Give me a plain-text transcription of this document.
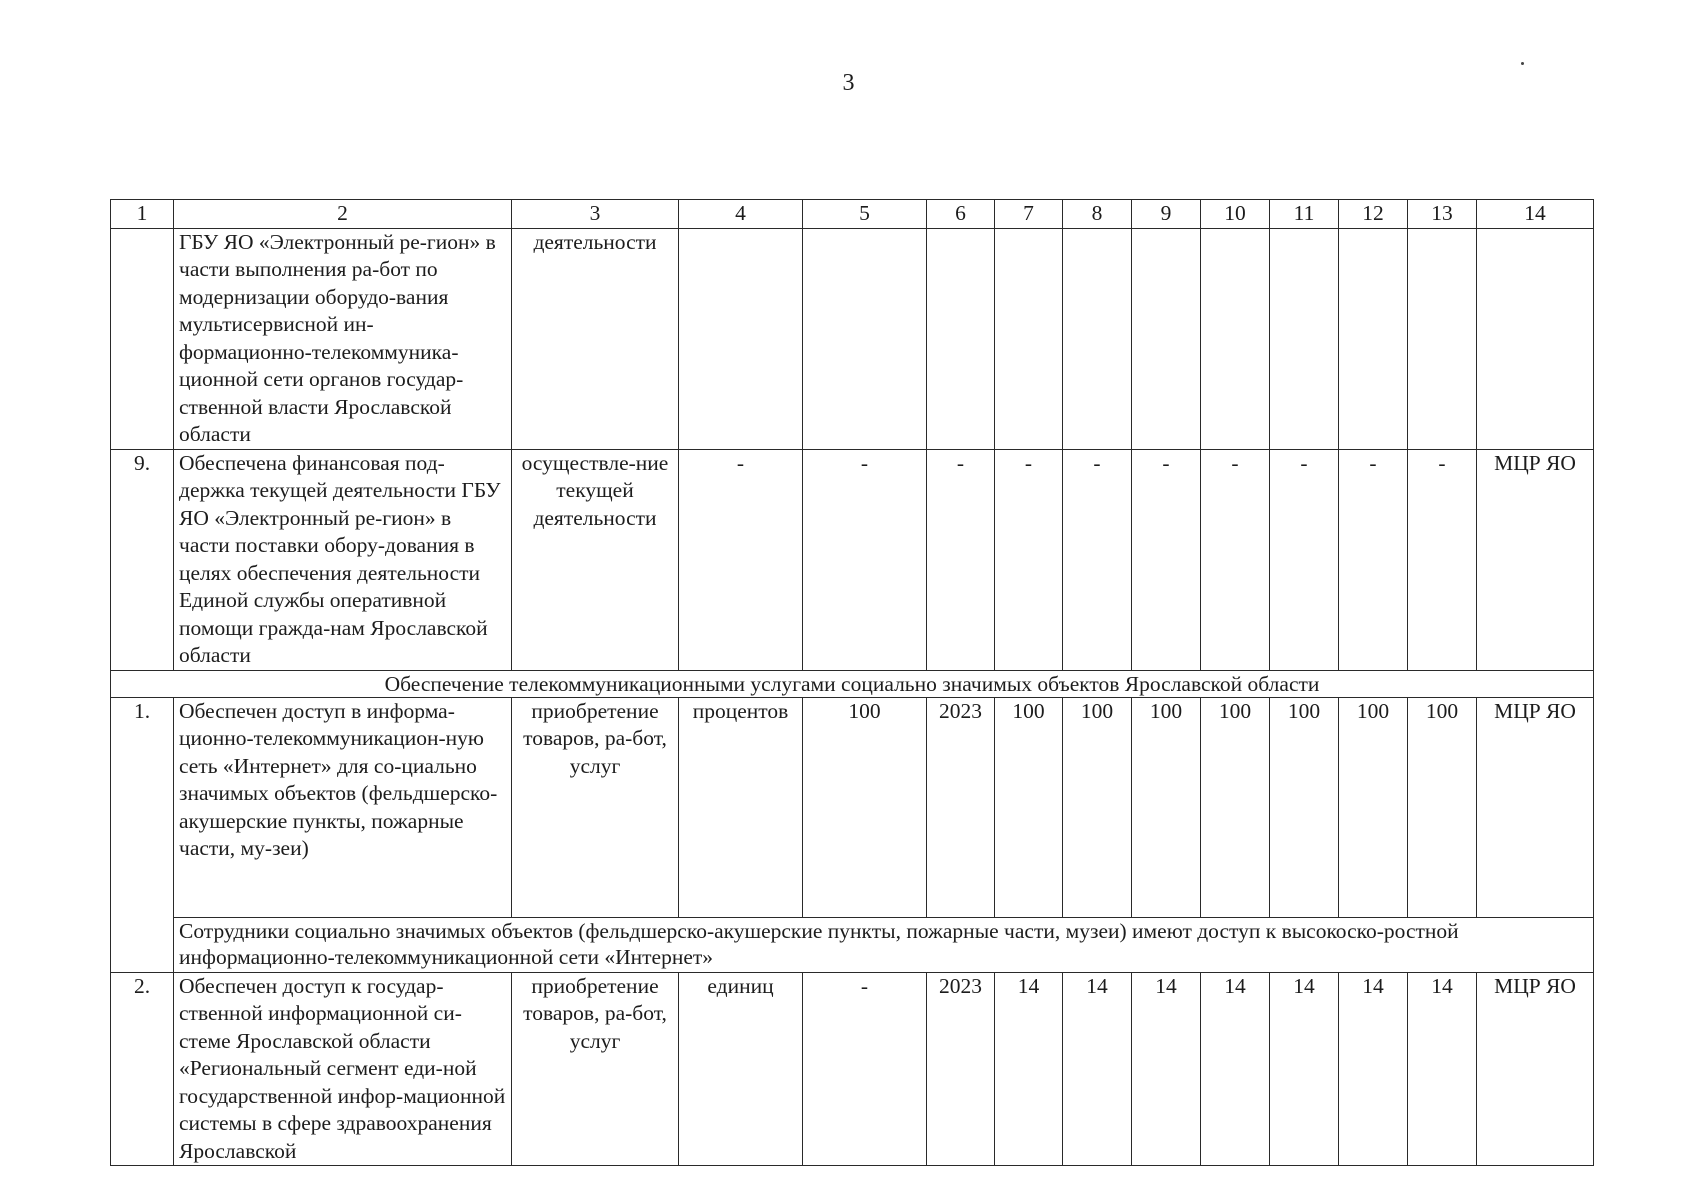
3
1	2	3	4	5	6	7	8	9	10	11	12	13	14
	ГБУ ЯО «Электронный ре-гион» в части выполнения ра-бот по модернизации оборудо-вания мультисервисной ин-формационно-телекоммуника-ционной сети органов государ-ственной власти Ярославской области	деятельности											
9.	Обеспечена финансовая под-держка текущей деятельности ГБУ ЯО «Электронный ре-гион» в части поставки обору-дования в целях обеспечения деятельности Единой службы оперативной помощи гражда-нам Ярославской области	осуществле-ние текущей деятельности	-	-	-	-	-	-	-	-	-	-	МЦР ЯО
Обеспечение телекоммуникационными услугами социально значимых объектов Ярославской области													
1.	Обеспечен доступ в информа-ционно-телекоммуникацион-ную сеть «Интернет» для со-циально значимых объектов (фельдшерско-акушерские пункты, пожарные части, му-зеи)	приобретение товаров, ра-бот, услуг	процентов	100	2023	100	100	100	100	100	100	100	МЦР ЯО
	Сотрудники социально значимых объектов (фельдшерско-акушерские пункты, пожарные части, музеи) имеют доступ к высокоско-ростной информационно-телекоммуникационной сети «Интернет»												
2.	Обеспечен доступ к государ-ственной информационной си-стеме Ярославской области «Региональный сегмент еди-ной государственной инфор-мационной системы в сфере здравоохранения Ярославской	приобретение товаров, ра-бот, услуг	единиц	-	2023	14	14	14	14	14	14	14	МЦР ЯО
